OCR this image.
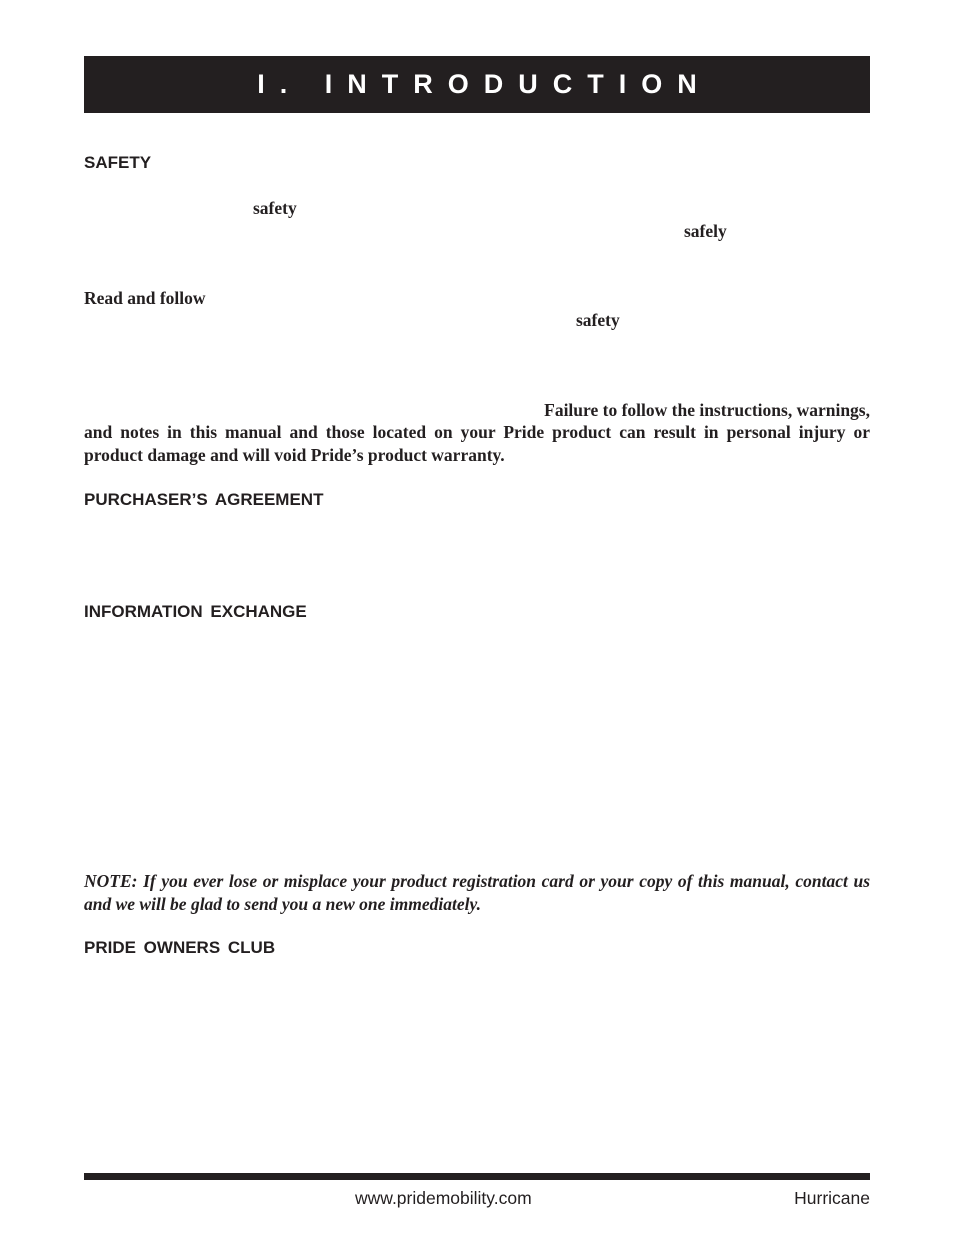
I. INTRODUCTION
SAFETY
safety
safely
Read and follow
safety
Failure to follow the instructions, warnings,

and notes in this manual and those located on your Pride product can result in personal injury or product damage and will void Pride’s product warranty.

PURCHASER’S AGREEMENT
INFORMATION EXCHANGE

NOTE: If you ever lose or misplace your product registration card or your copy of this manual, contact us and we will be glad to send you a new one immediately.

PRIDE OWNERS CLUB
www.pridemobility.com	Hurricane
